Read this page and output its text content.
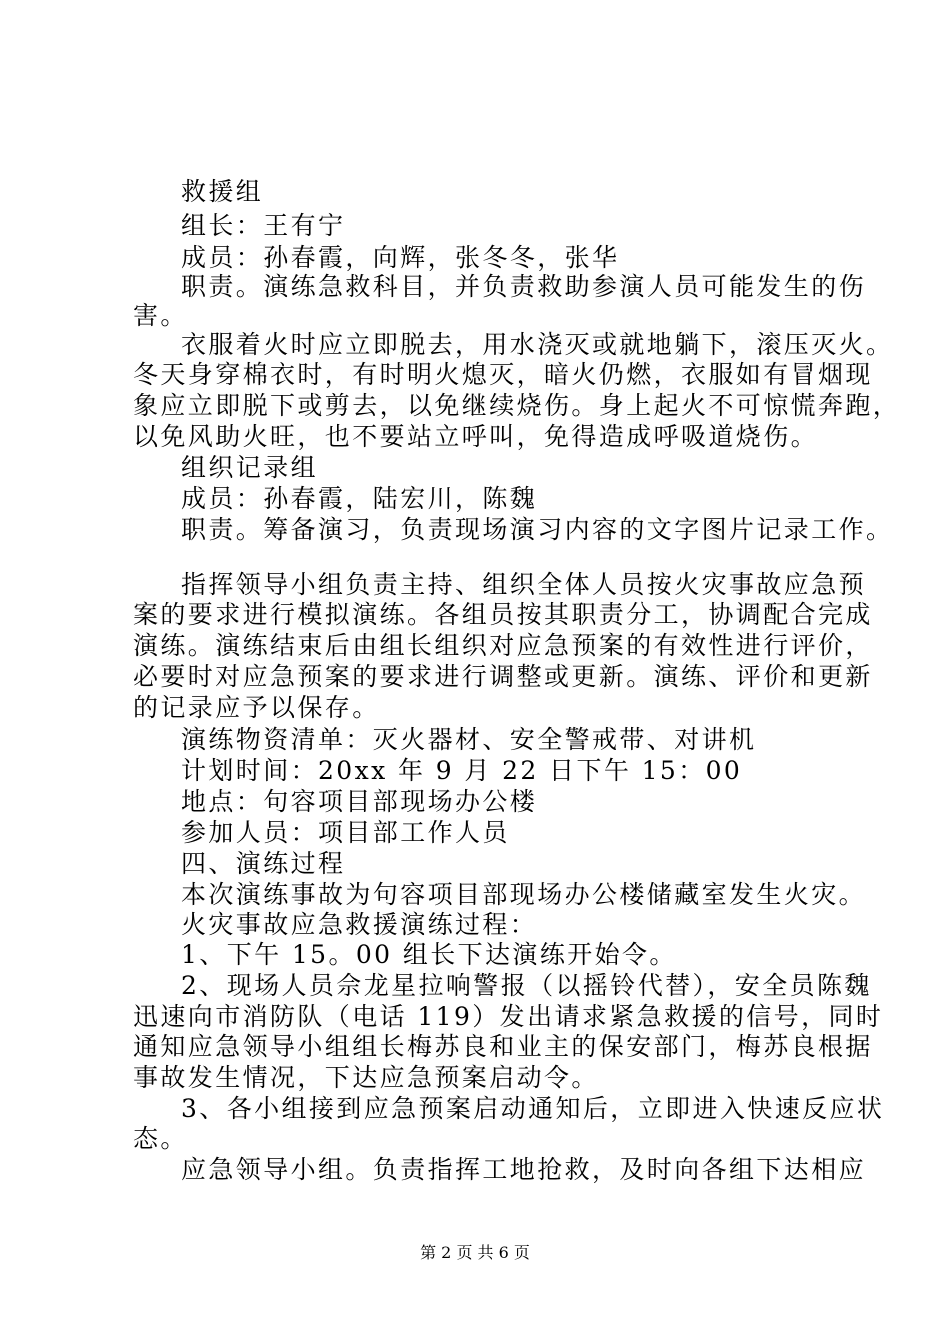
救援组
组长：王有宁
成员：孙春霞，向辉，张冬冬，张华
职责。演练急救科目，并负责救助参演人员可能发生的伤
害。
衣服着火时应立即脱去，用水浇灭或就地躺下，滚压灭火。
冬天身穿棉衣时，有时明火熄灭，暗火仍燃，衣服如有冒烟现
象应立即脱下或剪去，以免继续烧伤。身上起火不可惊慌奔跑，
以免风助火旺，也不要站立呼叫，免得造成呼吸道烧伤。
组织记录组
成员：孙春霞，陆宏川，陈魏
职责。筹备演习，负责现场演习内容的文字图片记录工作。
指挥领导小组负责主持、组织全体人员按火灾事故应急预
案的要求进行模拟演练。各组员按其职责分工，协调配合完成
演练。演练结束后由组长组织对应急预案的有效性进行评价，
必要时对应急预案的要求进行调整或更新。演练、评价和更新
的记录应予以保存。
演练物资清单：灭火器材、安全警戒带、对讲机
计划时间：20xx 年 9 月 22 日下午 15：00
地点：句容项目部现场办公楼
参加人员：项目部工作人员
四、演练过程
本次演练事故为句容项目部现场办公楼储藏室发生火灾。
火灾事故应急救援演练过程：
1、下午 15。00 组长下达演练开始令。
2、现场人员佘龙星拉响警报（以摇铃代替），安全员陈魏
迅速向市消防队（电话 119）发出请求紧急救援的信号，同时
通知应急领导小组组长梅苏良和业主的保安部门，梅苏良根据
事故发生情况，下达应急预案启动令。
3、各小组接到应急预案启动通知后，立即进入快速反应状
态。
应急领导小组。负责指挥工地抢救，及时向各组下达相应
第 2 页 共 6 页
